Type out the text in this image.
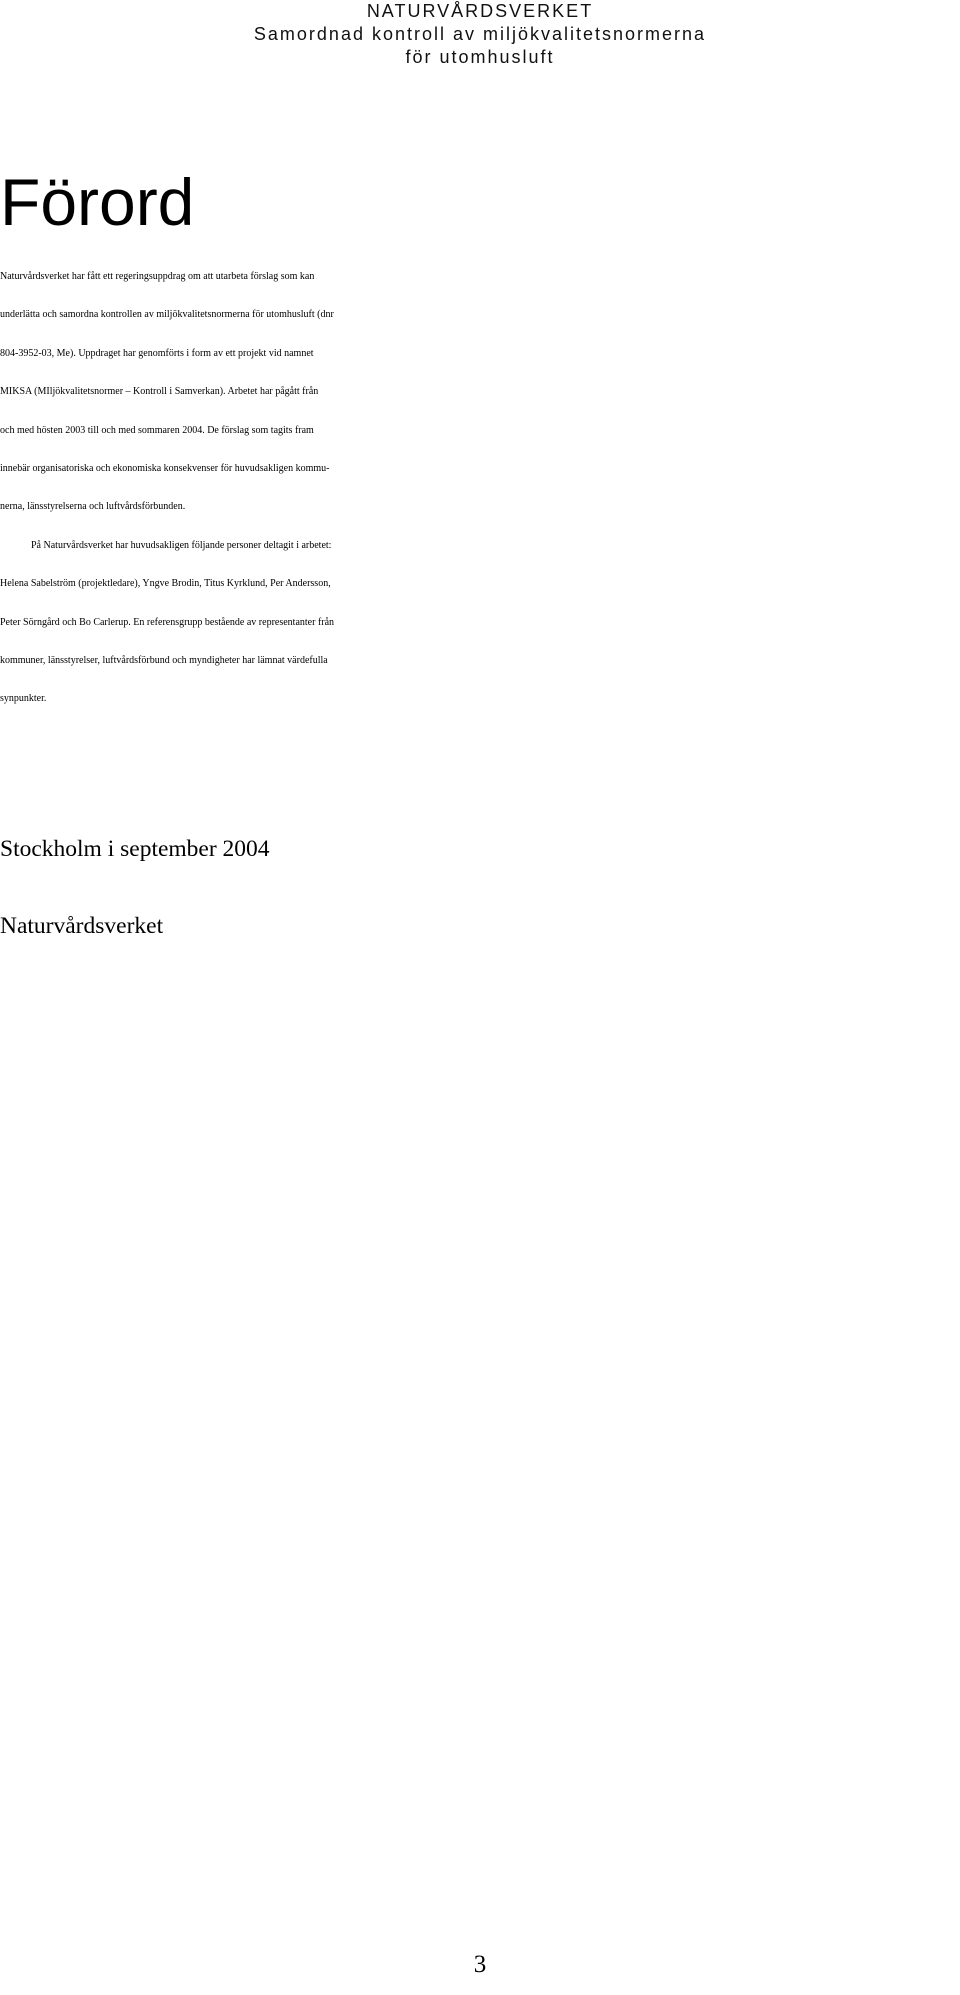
NATURVÅRDSVERKET
Samordnad kontroll av miljökvalitetsnormerna
för utomhusluft
Förord
Naturvårdsverket har fått ett regeringsuppdrag om att utarbeta förslag som kan
underlätta och samordna kontrollen av miljökvalitetsnormerna för utomhusluft (dnr
804-3952-03, Me). Uppdraget har genomförts i form av ett projekt vid namnet
MIKSA (MIljökvalitetsnormer – Kontroll i Samverkan). Arbetet har pågått från
och med hösten 2003 till och med sommaren 2004. De förslag som tagits fram
innebär organisatoriska och ekonomiska konsekvenser för huvudsakligen kommu-
nerna, länsstyrelserna och luftvårdsförbunden.
På Naturvårdsverket har huvudsakligen följande personer deltagit i arbetet:
Helena Sabelström (projektledare), Yngve Brodin, Titus Kyrklund, Per Andersson,
Peter Sörngård och Bo Carlerup. En referensgrupp bestående av representanter från
kommuner, länsstyrelser, luftvårdsförbund och myndigheter har lämnat värdefulla
synpunkter.
Stockholm i september 2004
Naturvårdsverket
3
